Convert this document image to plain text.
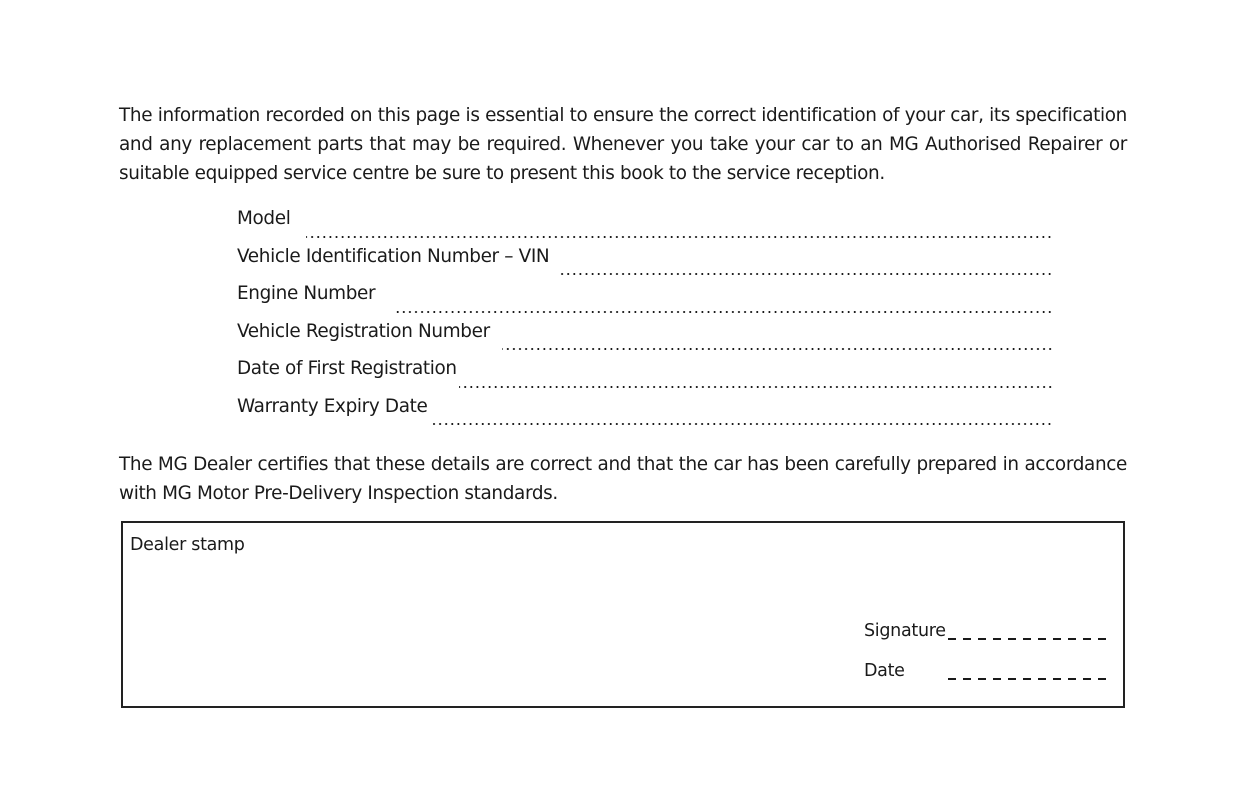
The information recorded on this page is essential to ensure the correct identification of your car, its specification and any replacement parts that may be required. Whenever you take your car to an MG Authorised Repairer or suitable equipped service centre be sure to present this book to the service reception.

Model
Vehicle Identification Number – VIN
Engine Number
Vehicle Registration Number
Date of First Registration
Warranty Expiry Date

The MG Dealer certifies that these details are correct and that the car has been carefully prepared in accordance with MG Motor Pre-Delivery Inspection standards.

Dealer stamp
Signature
Date
